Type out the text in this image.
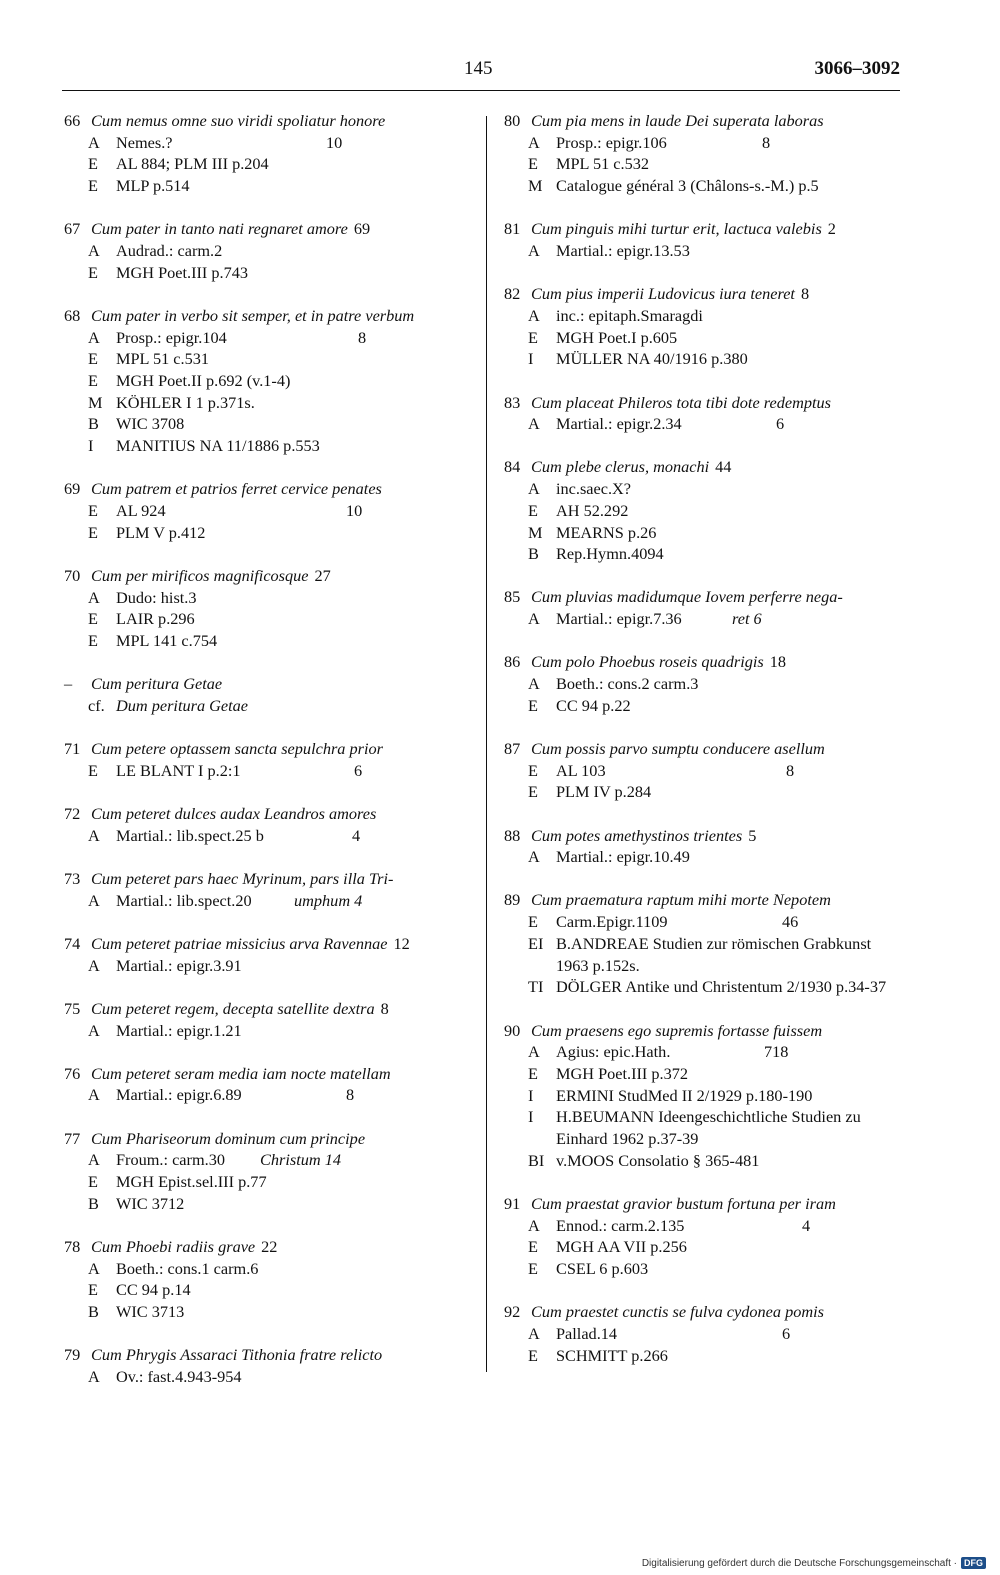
145	3066–3092
66 Cum nemus omne suo viridi spoliatur honore
A Nemes.?	10
E	AL 884; PLM III p.204
E	MLP p.514
67 Cum pater in tanto nati regnaret amore 69
A Audrad.: carm.2
E	MGH Poet.III p.743
68 Cum pater in verbo sit semper, et in patre verbum
A Prosp.: epigr.104	8
E	MPL 51 c.531
E	MGH Poet.II p.692 (v.1-4)
M KÖHLER I 1 p.371s.
B	WIC 3708
I	MANITIUS NA 11/1886 p.553
69 Cum patrem et patrios ferret cervice penates
E	AL 924	10
E	PLM V p.412
70 Cum per mirificos magnificosque 27
A Dudo: hist.3
E	LAIR p.296
E	MPL 141 c.754
– Cum peritura Getae
cf. Dum peritura Getae
71 Cum petere optassem sancta sepulchra prior
E	LE BLANT I p.2:1	6
72 Cum peteret dulces audax Leandros amores
A Martial.: lib.spect.25 b	4
73 Cum peteret pars haec Myrinum, pars illa Tri-
A Martial.: lib.spect.20	umphum 4
74 Cum peteret patriae missicius arva Ravennae 12
A Martial.: epigr.3.91
75 Cum peteret regem, decepta satellite dextra 8
A Martial.: epigr.1.21
76 Cum peteret seram media iam nocte matellam
A Martial.: epigr.6.89	8
77 Cum Phariseorum dominum cum principe
A Froum.: carm.30 Christum 14
E	MGH Epist.sel.III p.77
B	WIC 3712
78 Cum Phoebi radiis grave 22
A Boeth.: cons.1 carm.6
E	CC 94 p.14
B	WIC 3713
79 Cum Phrygis Assaraci Tithonia fratre relicto
A Ov.: fast.4.943-954
80 Cum pia mens in laude Dei superata laboras
A Prosp.: epigr.106	8
E	MPL 51 c.532
M Catalogue général 3 (Châlons-s.-M.) p.5
81 Cum pinguis mihi turtur erit, lactuca valebis 2
A Martial.: epigr.13.53
82 Cum pius imperii Ludovicus iura teneret 8
A inc.: epitaph.Smaragdi
E	MGH Poet.I p.605
I	MÜLLER NA 40/1916 p.380
83 Cum placeat Phileros tota tibi dote redemptus
A Martial.: epigr.2.34	6
84 Cum plebe clerus, monachi 44
A inc.saec.X?
E	AH 52.292
M MEARNS p.26
B	Rep.Hymn.4094
85 Cum pluvias madidumque Iovem perferre nega-
A Martial.: epigr.7.36	ret 6
86 Cum polo Phoebus roseis quadrigis 18
A Boeth.: cons.2 carm.3
E	CC 94 p.22
87 Cum possis parvo sumptu conducere asellum
E	AL 103	8
E	PLM IV p.284
88 Cum potes amethystinos trientes 5
A Martial.: epigr.10.49
89 Cum praematura raptum mihi morte Nepotem
E	Carm.Epigr.1109	46
EI B.ANDREAE Studien zur römischen Grabkunst 1963 p.152s.
TI DÖLGER Antike und Christentum 2/1930 p.34-37
90 Cum praesens ego supremis fortasse fuissem
A Agius: epic.Hath.	718
E	MGH Poet.III p.372
I	ERMINI StudMed II 2/1929 p.180-190
I	H.BEUMANN Ideengeschichtliche Studien zu Einhard 1962 p.37-39
BI v.MOOS Consolatio § 365-481
91 Cum praestat gravior bustum fortuna per iram
A Ennod.: carm.2.135	4
E	MGH AA VII p.256
E	CSEL 6 p.603
92 Cum praestet cunctis se fulva cydonea pomis
A Pallad.14	6
E	SCHMITT p.266
Digitalisierung gefördert durch die Deutsche Forschungsgemeinschaft · DFG
